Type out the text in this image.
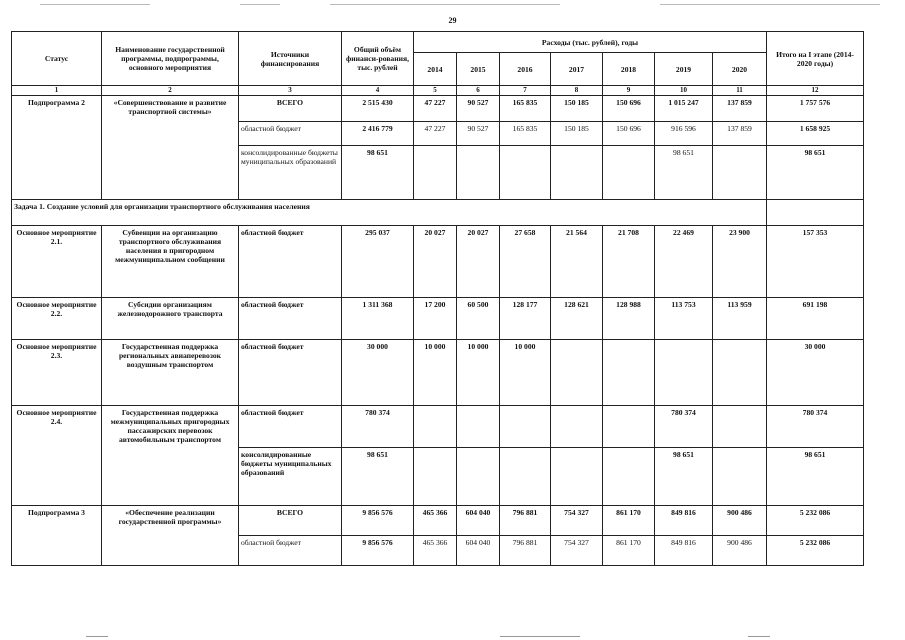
29
Статус	Наименование государственной программы, подпрограммы, основного мероприятия	Источники финансирования	Общий объём финанси-рования, тыс. рублей	Расходы (тыс. рублей), годы							Итого на I этапе (2014-2020 годы)
				2014	2015	2016	2017	2018	2019	2020	
1	2	3	4	5	6	7	8	9	10	11	12
Подпрограмма 2	«Совершенствование и развитие транспортной системы»	ВСЕГО	2 515 430	47 227	90 527	165 835	150 185	150 696	1 015 247	137 859	1 757 576
		областной бюджет	2 416 779	47 227	90 527	165 835	150 185	150 696	916 596	137 859	1 658 925
		консолидированные бюджеты муниципальных образований	98 651						98 651		98 651
Задача 1. Создание условий для организации транспортного обслуживания населения											
Основное мероприятие 2.1.	Субвенции на организацию транспортного обслуживания населения в пригородном межмуниципальном сообщении	областной бюджет	295 037	20 027	20 027	27 658	21 564	21 708	22 469	23 900	157 353
Основное мероприятие 2.2.	Субсидии организациям железнодорожного транспорта	областной бюджет	1 311 368	17 200	60 500	128 177	128 621	128 988	113 753	113 959	691 198
Основное мероприятие 2.3.	Государственная поддержка региональных авиаперевозок воздушным транспортом	областной бюджет	30 000	10 000	10 000	10 000					30 000
Основное мероприятие 2.4.	Государственная поддержка межмуниципальных пригородных пассажирских перевозок автомобильным транспортом	областной бюджет	780 374						780 374		780 374
		консолидированные бюджеты муниципальных образований	98 651						98 651		98 651
Подпрограмма 3	«Обеспечение реализации государственной программы»	ВСЕГО	9 856 576	465 366	604 040	796 881	754 327	861 170	849 816	900 486	5 232 086
		областной бюджет	9 856 576	465 366	604 040	796 881	754 327	861 170	849 816	900 486	5 232 086
